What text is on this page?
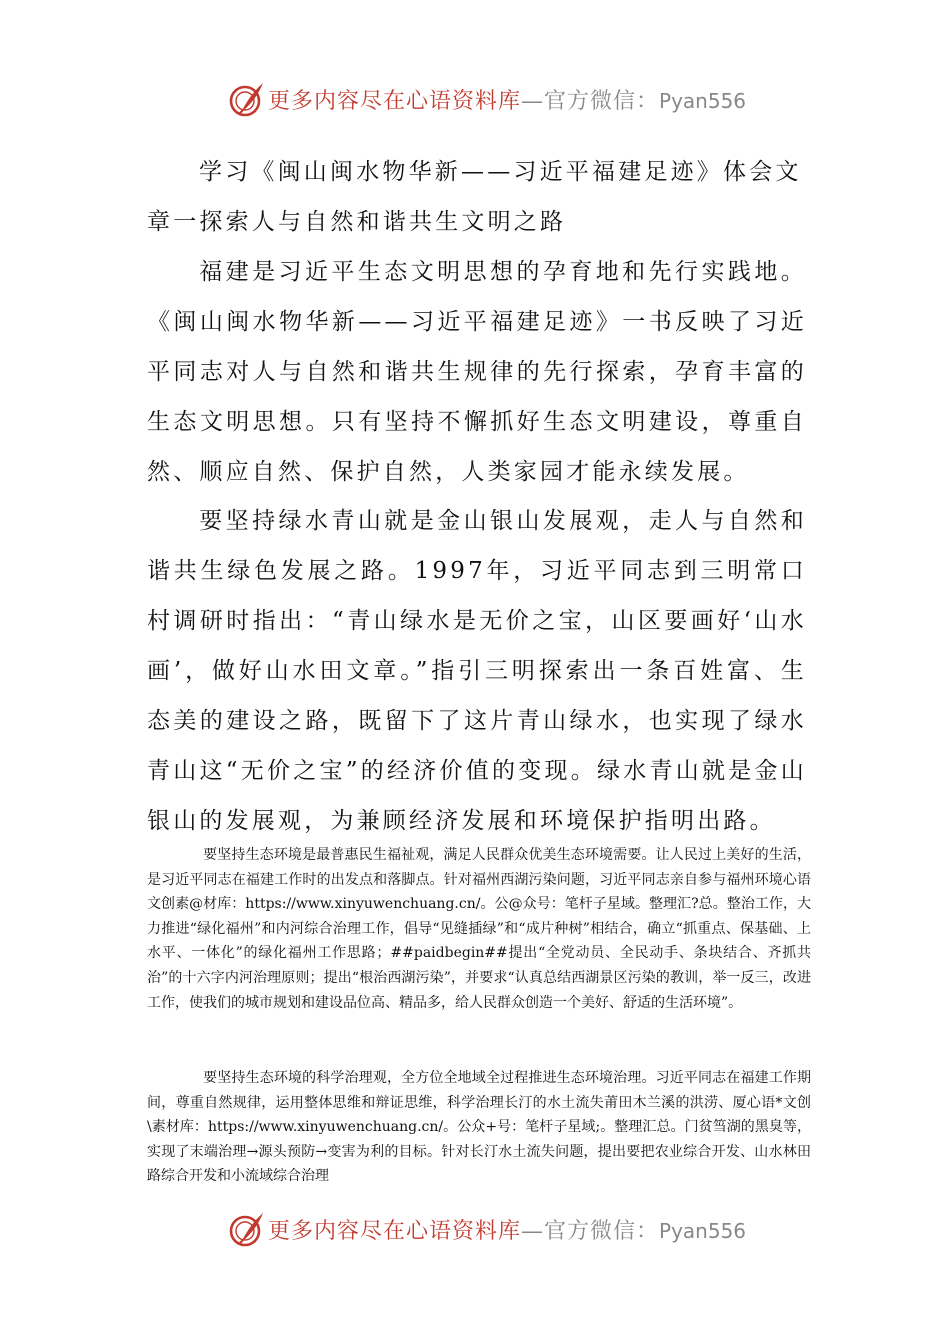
更多内容尽在心语资料库—官方微信：Pyan556

学习《闽山闽水物华新——习近平福建足迹》体会文
章一探索人与自然和谐共生文明之路

福建是习近平生态文明思想的孕育地和先行实践地。《闽山闽水物华新——习近平福建足迹》一书反映了习近平同志对人与自然和谐共生规律的先行探索，孕育丰富的生态文明思想。只有坚持不懈抓好生态文明建设，尊重自然、顺应自然、保护自然，人类家园才能永续发展。

要坚持绿水青山就是金山银山发展观，走人与自然和谐共生绿色发展之路。1997年，习近平同志到三明常口村调研时指出：“青山绿水是无价之宝，山区要画好‘山水画’，做好山水田文章。”指引三明探索出一条百姓富、生态美的建设之路，既留下了这片青山绿水，也实现了绿水青山这“无价之宝”的经济价值的变现。绿水青山就是金山银山的发展观，为兼顾经济发展和环境保护指明出路。

要坚持生态环境是最普惠民生福祉观，满足人民群众优美生态环境需要。让人民过上美好的生活，是习近平同志在福建工作时的出发点和落脚点。针对福州西湖污染问题，习近平同志亲自参与福州环境心语文创素@材库：https://www.xinyuwenchuang.cn/。公@众号：笔杆子星域。整理汇?总。整治工作，大力推进“绿化福州”和内河综合治理工作，倡导“见缝插绿”和“成片种树”相结合，确立“抓重点、保基础、上水平、一体化”的绿化福州工作思路；##paidbegin##提出“全党动员、全民动手、条块结合、齐抓共治”的十六字内河治理原则；提出“根治西湖污染”，并要求“认真总结西湖景区污染的教训，举一反三，改进工作，使我们的城市规划和建设品位高、精品多，给人民群众创造一个美好、舒适的生活环境”。

要坚持生态环境的科学治理观，全方位全地域全过程推进生态环境治理。习近平同志在福建工作期间，尊重自然规律，运用整体思维和辩证思维，科学治理长汀的水土流失莆田木兰溪的洪涝、厦心语*文创\素材库：https://www.xinyuwenchuang.cn/。公众+号：笔杆子星域;。整理汇总。门贫筜湖的黑臭等，实现了末端治理→源头预防→变害为利的目标。针对长汀水土流失问题，提出要把农业综合开发、山水林田路综合开发和小流域综合治理

更多内容尽在心语资料库—官方微信：Pyan556
